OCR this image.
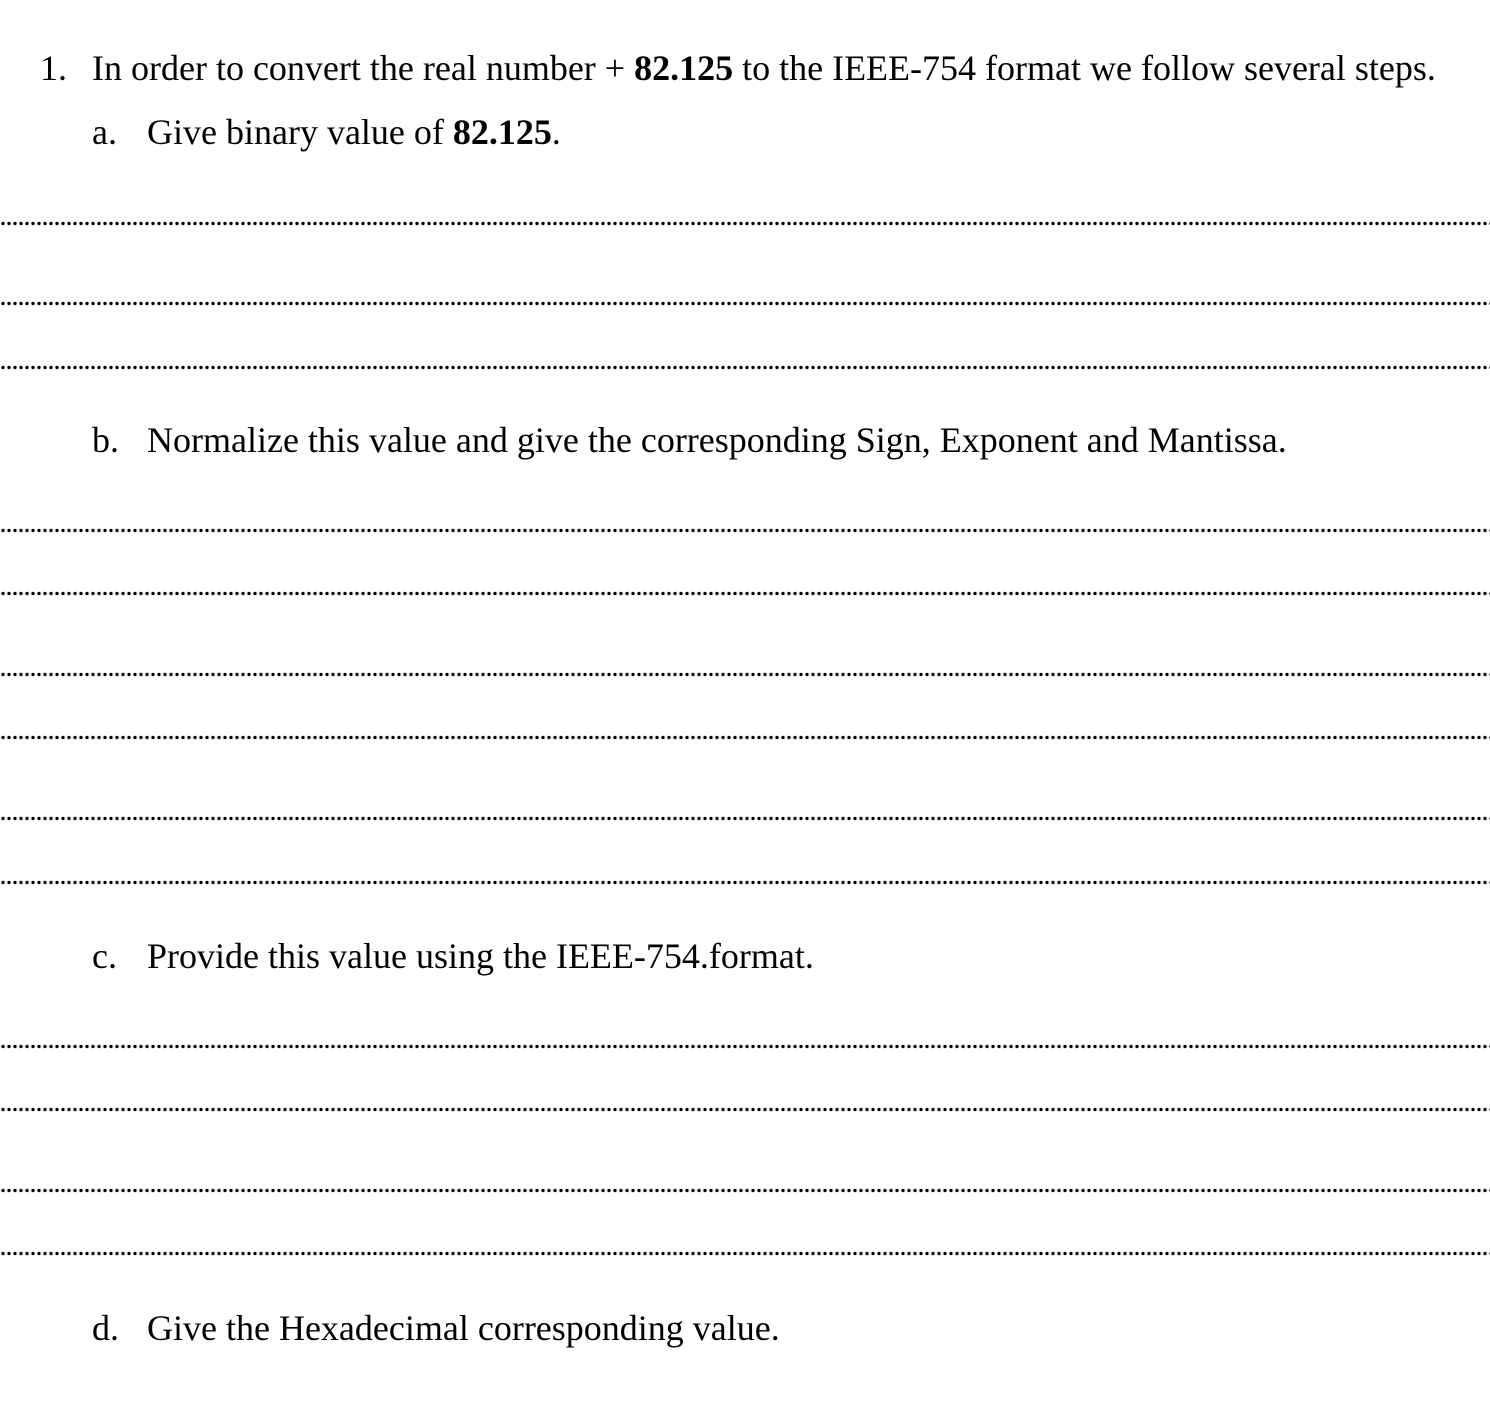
1. In order to convert the real number + 82.125 to the IEEE-754 format we follow several steps.
a. Give binary value of 82.125.
b. Normalize this value and give the corresponding Sign, Exponent and Mantissa.
c. Provide this value using the IEEE-754.format.
d. Give the Hexadecimal corresponding value.
